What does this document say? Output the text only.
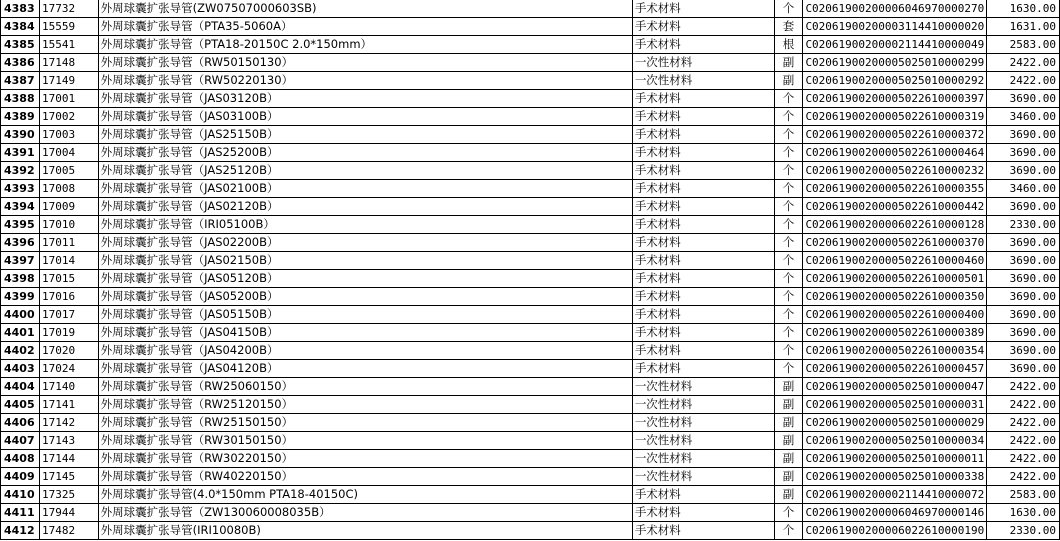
4383	17732	外周球囊扩张导管(ZW07507000603SB)	手术材料	个	C02061900200006046970000270	1630.00
4384	15559	外周球囊扩张导管（PTA35-5060A）	手术材料	套	C02061900200003114410000020	1631.00
4385	15541	外周球囊扩张导管（PTA18-20150C 2.0*150mm）	手术材料	根	C02061900200002114410000049	2583.00
4386	17148	外周球囊扩张导管（RW50150130）	一次性材料	副	C02061900200005025010000299	2422.00
4387	17149	外周球囊扩张导管（RW50220130）	一次性材料	副	C02061900200005025010000292	2422.00
4388	17001	外周球囊扩张导管（JAS03120B）	手术材料	个	C02061900200005022610000397	3690.00
4389	17002	外周球囊扩张导管（JAS03100B）	手术材料	个	C02061900200005022610000319	3460.00
4390	17003	外周球囊扩张导管（JAS25150B）	手术材料	个	C02061900200005022610000372	3690.00
4391	17004	外周球囊扩张导管（JAS25200B）	手术材料	个	C02061900200005022610000464	3690.00
4392	17005	外周球囊扩张导管（JAS25120B）	手术材料	个	C02061900200005022610000232	3690.00
4393	17008	外周球囊扩张导管（JAS02100B）	手术材料	个	C02061900200005022610000355	3460.00
4394	17009	外周球囊扩张导管（JAS02120B）	手术材料	个	C02061900200005022610000442	3690.00
4395	17010	外周球囊扩张导管（IRI05100B）	手术材料	个	C02061900200006022610000128	2330.00
4396	17011	外周球囊扩张导管（JAS02200B）	手术材料	个	C02061900200005022610000370	3690.00
4397	17014	外周球囊扩张导管（JAS02150B）	手术材料	个	C02061900200005022610000460	3690.00
4398	17015	外周球囊扩张导管（JAS05120B）	手术材料	个	C02061900200005022610000501	3690.00
4399	17016	外周球囊扩张导管（JAS05200B）	手术材料	个	C02061900200005022610000350	3690.00
4400	17017	外周球囊扩张导管（JAS05150B）	手术材料	个	C02061900200005022610000400	3690.00
4401	17019	外周球囊扩张导管（JAS04150B）	手术材料	个	C02061900200005022610000389	3690.00
4402	17020	外周球囊扩张导管（JAS04200B）	手术材料	个	C02061900200005022610000354	3690.00
4403	17024	外周球囊扩张导管（JAS04120B）	手术材料	个	C02061900200005022610000457	3690.00
4404	17140	外周球囊扩张导管（RW25060150）	一次性材料	副	C02061900200005025010000047	2422.00
4405	17141	外周球囊扩张导管（RW25120150）	一次性材料	副	C02061900200005025010000031	2422.00
4406	17142	外周球囊扩张导管（RW25150150）	一次性材料	副	C02061900200005025010000029	2422.00
4407	17143	外周球囊扩张导管（RW30150150）	一次性材料	副	C02061900200005025010000034	2422.00
4408	17144	外周球囊扩张导管（RW30220150）	一次性材料	副	C02061900200005025010000011	2422.00
4409	17145	外周球囊扩张导管（RW40220150）	一次性材料	副	C02061900200005025010000338	2422.00
4410	17325	外周球囊扩张导管(4.0*150mm PTA18-40150C)	手术材料	副	C02061900200002114410000072	2583.00
4411	17944	外周球囊扩张导管（ZW130060008035B）	手术材料	个	C02061900200006046970000146	1630.00
4412	17482	外周球囊扩张导管(IRI10080B)	手术材料	个	C02061900200006022610000190	2330.00
